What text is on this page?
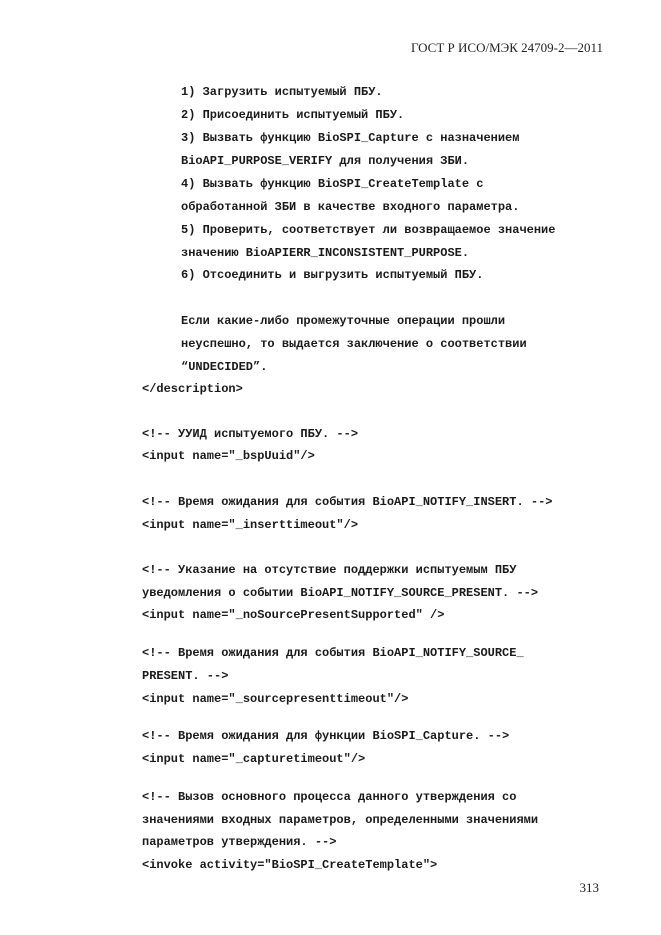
ГОСТ Р ИСО/МЭК 24709-2—2011

1) Загрузить испытуемый ПБУ.

2) Присоединить испытуемый ПБУ.

3) Вызвать функцию BioSPI_Capture с назначением

BioAPI_PURPOSE_VERIFY для получения ЗБИ.

4) Вызвать функцию BioSPI_CreateTemplate с

обработанной ЗБИ в качестве входного параметра.

5) Проверить, соответствует ли возвращаемое значение

значению BioAPIERR_INCONSISTENT_PURPOSE.

6) Отсоединить и выгрузить испытуемый ПБУ.

Если какие-либо промежуточные операции прошли

неуспешно, то выдается заключение о соответствии

“UNDECIDED”.

</description>

<!-- УУИД испытуемого ПБУ. -->

<input name="_bspUuid"/>

<!-- Время ожидания для события BioAPI_NOTIFY_INSERT. -->

<input name="_inserttimeout"/>

<!-- Указание на отсутствие поддержки испытуемым ПБУ

уведомления о событии BioAPI_NOTIFY_SOURCE_PRESENT. -->

<input name="_noSourcePresentSupported" />

<!-- Время ожидания для события BioAPI_NOTIFY_SOURCE_

PRESENT. -->

<input name="_sourcepresenttimeout"/>

<!-- Время ожидания для функции BioSPI_Capture. -->

<input name="_capturetimeout"/>

<!-- Вызов основного процесса данного утверждения со

значениями входных параметров, определенными значениями

параметров утверждения. -->

<invoke activity="BioSPI_CreateTemplate">

313
